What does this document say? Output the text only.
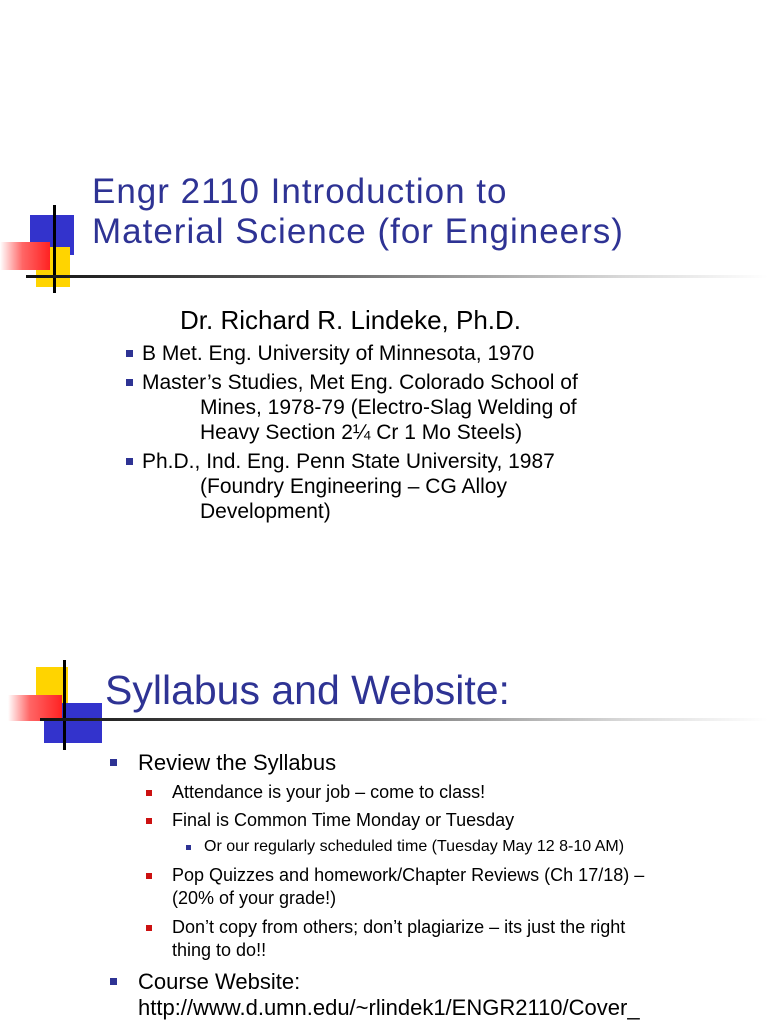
Engr 2110 Introduction to
Material Science (for Engineers)

Dr. Richard R. Lindeke, Ph.D.

B Met. Eng. University of Minnesota, 1970
Master’s Studies, Met Eng. Colorado School of
Mines, 1978-79 (Electro-Slag Welding of
Heavy Section 2¼ Cr 1 Mo Steels)
Ph.D., Ind. Eng. Penn State University, 1987
(Foundry Engineering – CG Alloy
Development)
Syllabus and Website:
Review the Syllabus
Attendance is your job – come to class!
Final is Common Time Monday or Tuesday
Or our regularly scheduled time (Tuesday May 12 8-10 AM)
Pop Quizzes and homework/Chapter Reviews (Ch 17/18) –
(20% of your grade!)
Don’t copy from others; don’t plagiarize – its just the right
thing to do!!
Course Website:
http://www.d.umn.edu/~rlindek1/ENGR2110/Cover_
